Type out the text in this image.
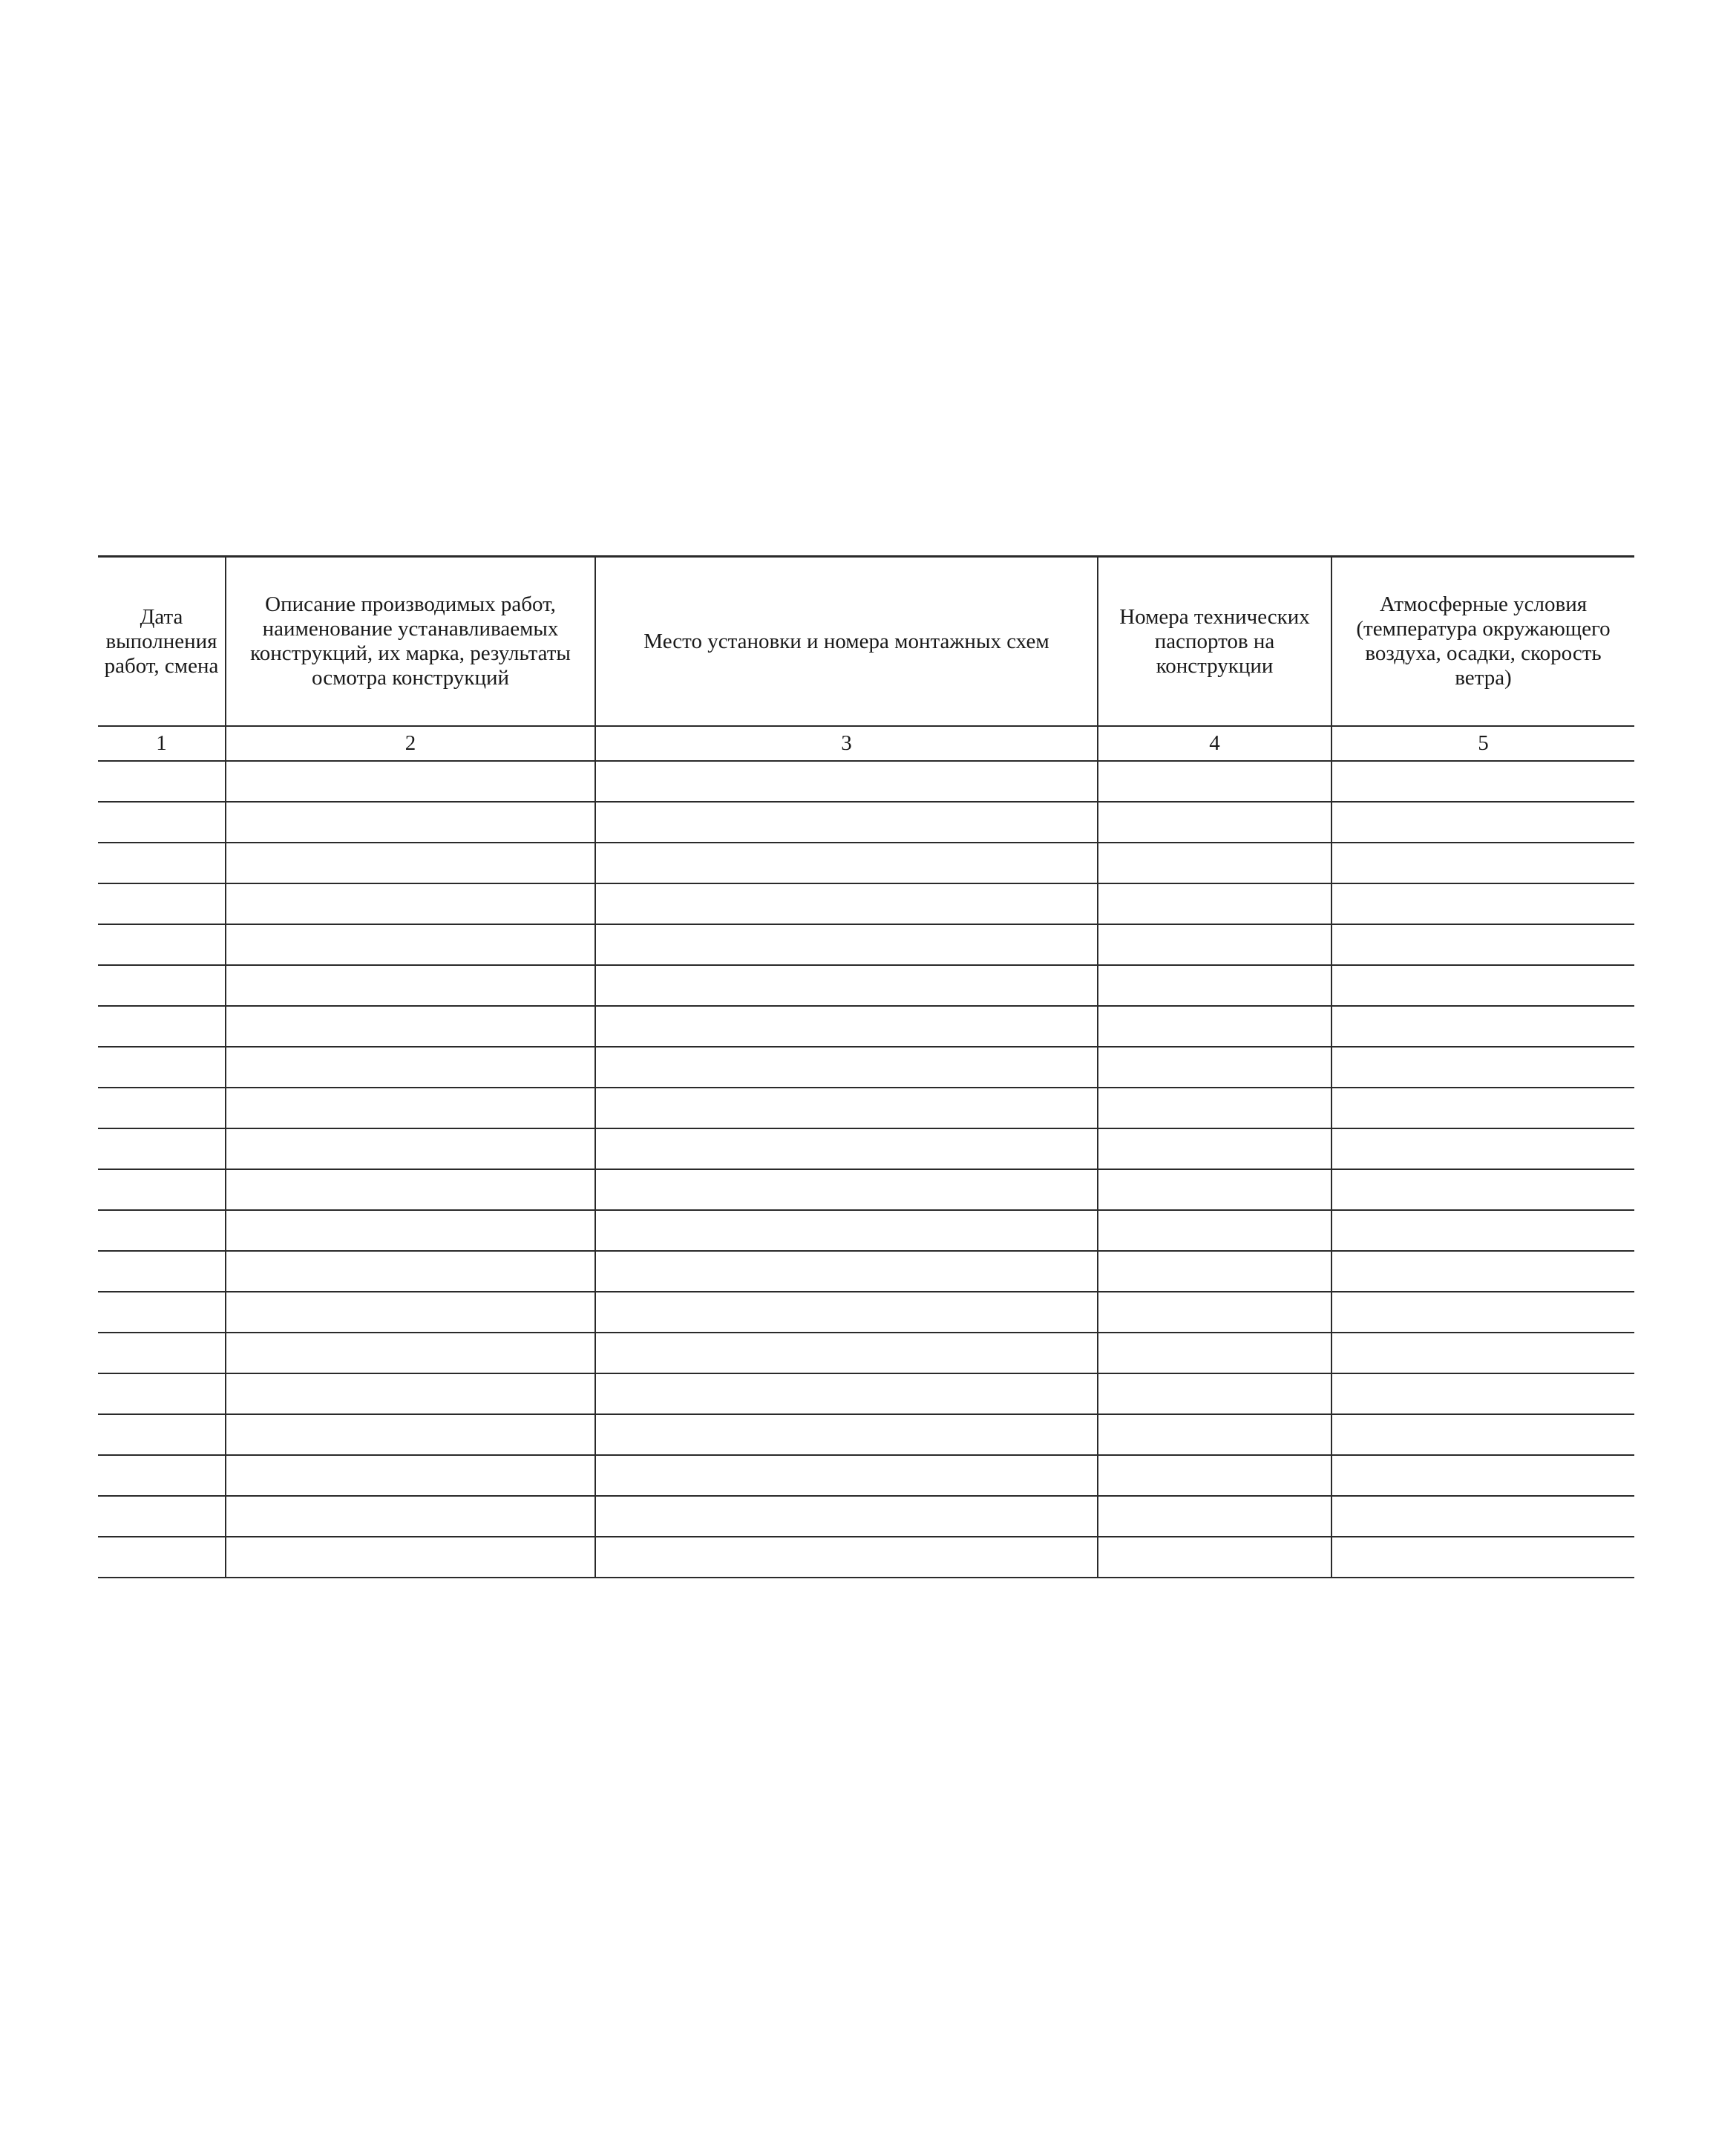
Дата выполнения работ, смена	Описание производимых работ, наименование устанавливаемых конструкций, их марка, результаты осмотра конструкций	Место установки и номера монтажных схем	Номера технических паспортов на конструкции	Атмосферные условия (температура окружающего воздуха, осадки, скорость ветра)
1	2	3	4	5
